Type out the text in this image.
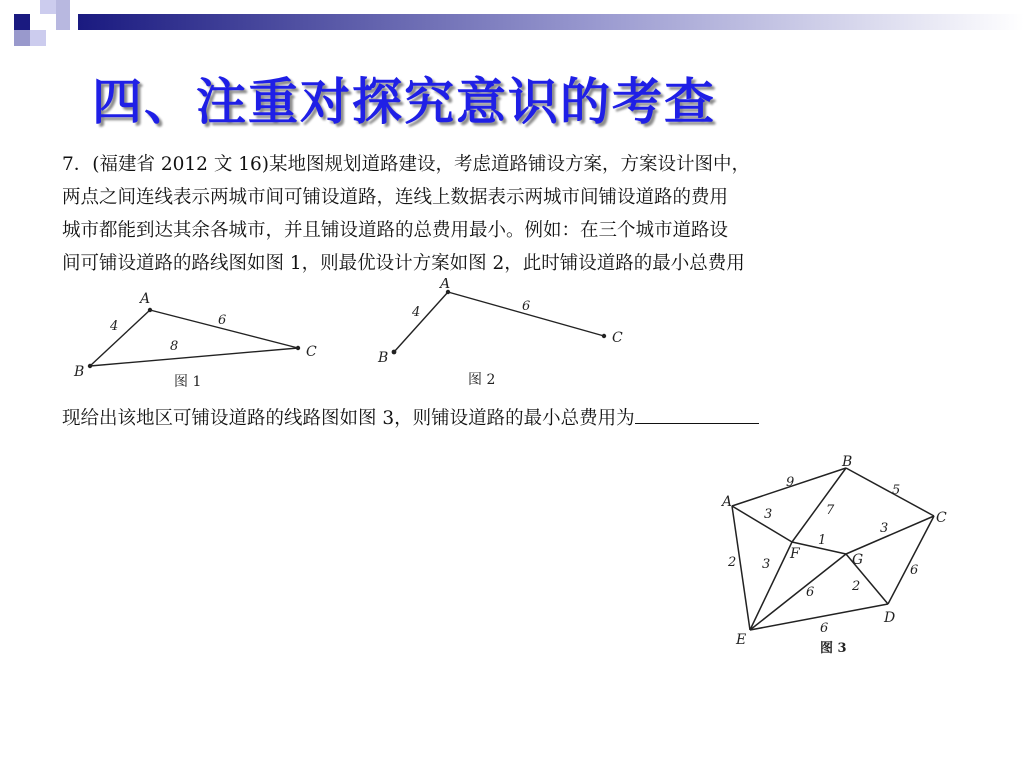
四、注重对探究意识的考查
7．(福建省 2012 文 16)某地图规划道路建设，考虑道路铺设方案，方案设计图中，
两点之间连线表示两城市间可铺设道路，连线上数据表示两城市间铺设道路的费用
城市都能到达其余各城市，并且铺设道路的总费用最小。例如：在三个城市道路设
间可铺设道路的路线图如图 1，则最优设计方案如图 2，此时铺设道路的最小总费用
A
B
C
4	6
8
图 1
A
B
C
4	6
图 2
现给出该地区可铺设道路的线路图如图 3，则铺设道路的最小总费用为
A
B
C
D
E
F	G
9
3
2
7
5
1
3
6
3
6	2
6
图 3
